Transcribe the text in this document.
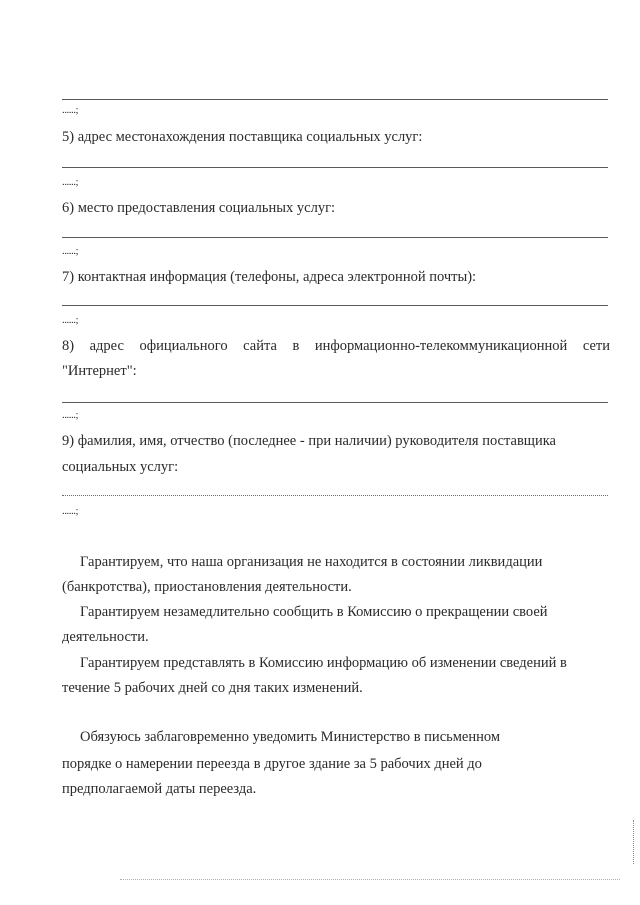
......;
5) адрес местонахождения поставщика социальных услуг:
......;
6) место предоставления социальных услуг:
......;
7) контактная информация (телефоны, адреса электронной почты):
......;
8) адрес официального сайта в информационно-телекоммуникационной сети
"Интернет":
......;
9) фамилия, имя, отчество (последнее - при наличии) руководителя поставщика
социальных услуг:
......;
Гарантируем, что наша организация не находится в состоянии ликвидации
(банкротства), приостановления деятельности.
Гарантируем незамедлительно сообщить в Комиссию о прекращении своей
деятельности.
Гарантируем представлять в Комиссию информацию об изменении сведений в
течение 5 рабочих дней со дня таких изменений.
Обязуюсь заблаговременно уведомить Министерство в письменном
порядке о намерении переезда в другое здание за 5 рабочих дней до
предполагаемой даты переезда.
